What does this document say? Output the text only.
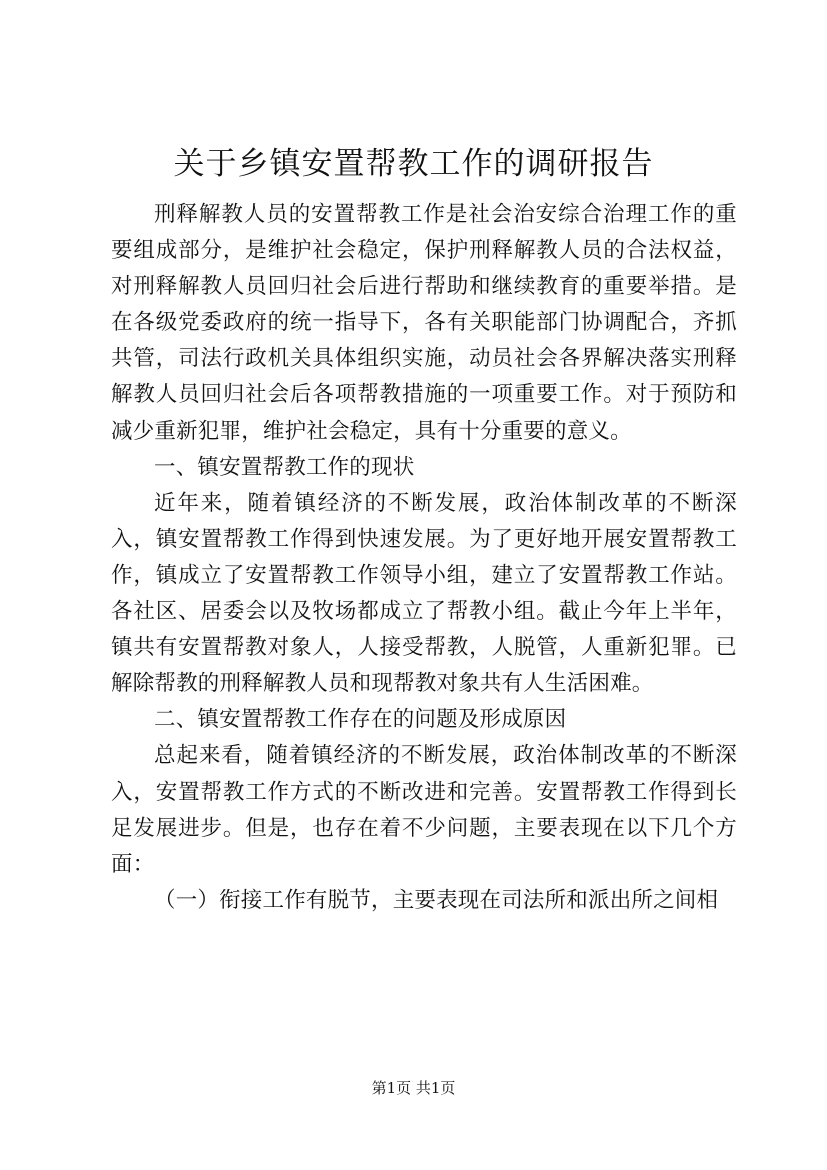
关于乡镇安置帮教工作的调研报告

刑释解教人员的安置帮教工作是社会治安综合治理工作的重要组成部分，是维护社会稳定，保护刑释解教人员的合法权益，对刑释解教人员回归社会后进行帮助和继续教育的重要举措。是在各级党委政府的统一指导下，各有关职能部门协调配合，齐抓共管，司法行政机关具体组织实施，动员社会各界解决落实刑释解教人员回归社会后各项帮教措施的一项重要工作。对于预防和减少重新犯罪，维护社会稳定，具有十分重要的意义。

一、镇安置帮教工作的现状

近年来，随着镇经济的不断发展，政治体制改革的不断深入，镇安置帮教工作得到快速发展。为了更好地开展安置帮教工作，镇成立了安置帮教工作领导小组，建立了安置帮教工作站。各社区、居委会以及牧场都成立了帮教小组。截止今年上半年，镇共有安置帮教对象人，人接受帮教，人脱管，人重新犯罪。已解除帮教的刑释解教人员和现帮教对象共有人生活困难。

二、镇安置帮教工作存在的问题及形成原因

总起来看，随着镇经济的不断发展，政治体制改革的不断深入，安置帮教工作方式的不断改进和完善。安置帮教工作得到长足发展进步。但是，也存在着不少问题，主要表现在以下几个方面：

（一）衔接工作有脱节，主要表现在司法所和派出所之间相

第1页 共1页
